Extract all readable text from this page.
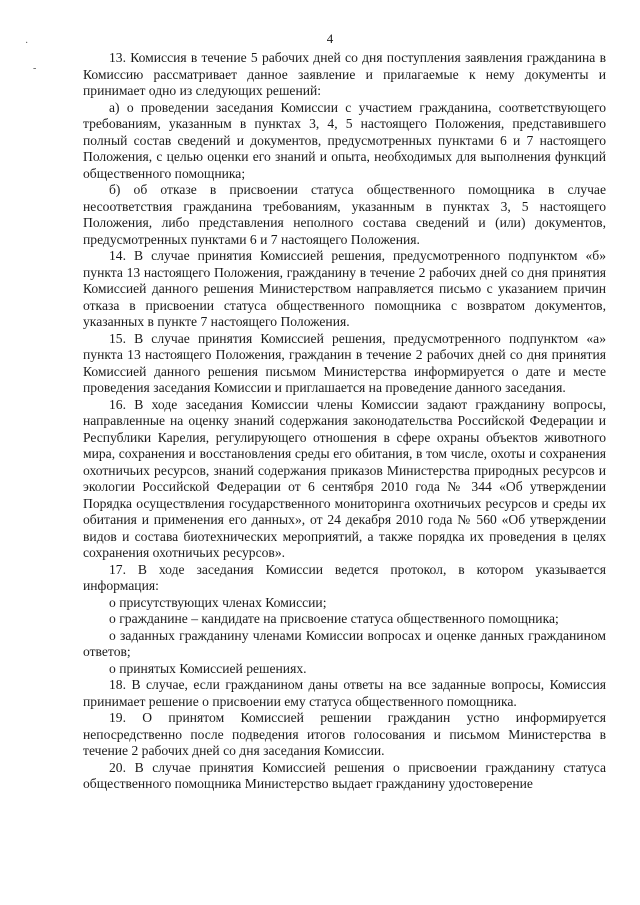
4
·
-

13. Комиссия в течение 5 рабочих дней со дня поступления заявления гражданина в Комиссию рассматривает данное заявление и прилагаемые к нему документы и принимает одно из следующих решений:

а) о проведении заседания Комиссии с участием гражданина, соответствующего требованиям, указанным в пунктах 3, 4, 5 настоящего Положения, представившего полный состав сведений и документов, предусмотренных пунктами 6 и 7 настоящего Положения, с целью оценки его знаний и опыта, необходимых для выполнения функций общественного помощника;

б) об отказе в присвоении статуса общественного помощника в случае несоответствия гражданина требованиям, указанным в пунктах 3, 5 настоящего Положения, либо представления неполного состава сведений и (или) документов, предусмотренных пунктами 6 и 7 настоящего Положения.

14. В случае принятия Комиссией решения, предусмотренного подпунктом «б» пункта 13 настоящего Положения, гражданину в течение 2 рабочих дней со дня принятия Комиссией данного решения Министерством направляется письмо с указанием причин отказа в присвоении статуса общественного помощника с возвратом документов, указанных в пункте 7 настоящего Положения.

15. В случае принятия Комиссией решения, предусмотренного подпунктом «а» пункта 13 настоящего Положения, гражданин в течение 2 рабочих дней со дня принятия Комиссией данного решения письмом Министерства информируется о дате и месте проведения заседания Комиссии и приглашается на проведение данного заседания.

16. В ходе заседания Комиссии члены Комиссии задают гражданину вопросы, направленные на оценку знаний содержания законодательства Российской Федерации и Республики Карелия, регулирующего отношения в сфере охраны объектов животного мира, сохранения и восстановления среды его обитания, в том числе, охоты и сохранения охотничьих ресурсов, знаний содержания приказов Министерства природных ресурсов и экологии Российской Федерации от 6 сентября 2010 года № 344 «Об утверждении Порядка осуществления государственного мониторинга охотничьих ресурсов и среды их обитания и применения его данных», от 24 декабря 2010 года № 560 «Об утверждении видов и состава биотехнических мероприятий, а также порядка их проведения в целях сохранения охотничьих ресурсов».

17. В ходе заседания Комиссии ведется протокол, в котором указывается информация:

о присутствующих членах Комиссии;

о гражданине – кандидате на присвоение статуса общественного помощника;

о заданных гражданину членами Комиссии вопросах и оценке данных гражданином ответов;

о принятых Комиссией решениях.

18. В случае, если гражданином даны ответы на все заданные вопросы, Комиссия принимает решение о присвоении ему статуса общественного помощника.

19. О принятом Комиссией решении гражданин устно информируется непосредственно после подведения итогов голосования и письмом Министерства в течение 2 рабочих дней со дня заседания Комиссии.

20. В случае принятия Комиссией решения о присвоении гражданину статуса общественного помощника Министерство выдает гражданину удостоверение
